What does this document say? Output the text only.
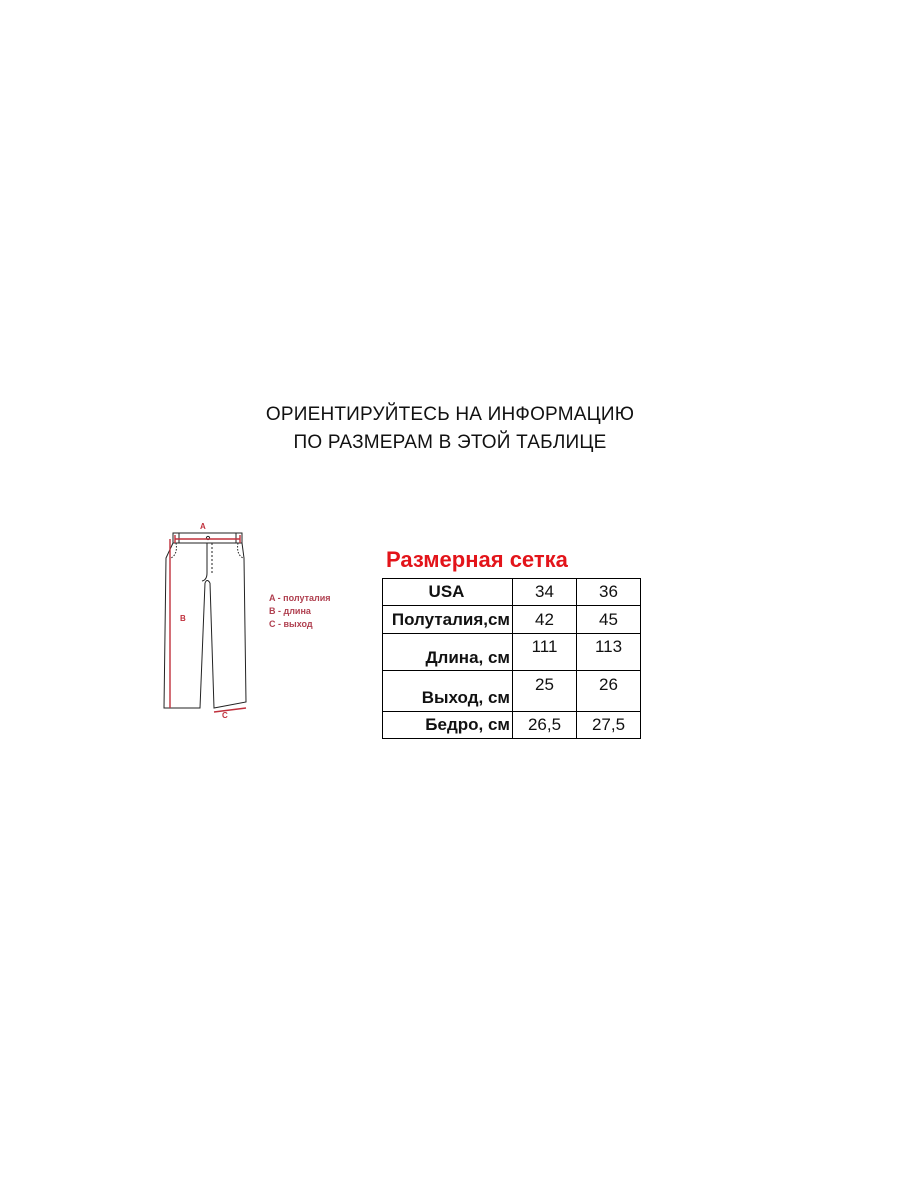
ОРИЕНТИРУЙТЕСЬ НА ИНФОРМАЦИЮ
ПО РАЗМЕРАМ В ЭТОЙ ТАБЛИЦЕ
A
B
C
A - полуталия
B - длина
C - выход
Размерная сетка
USA	34	36
Полуталия,см	42	45
Длина, см	111	113
Выход, см	25	26
Бедро, см	26,5	27,5
